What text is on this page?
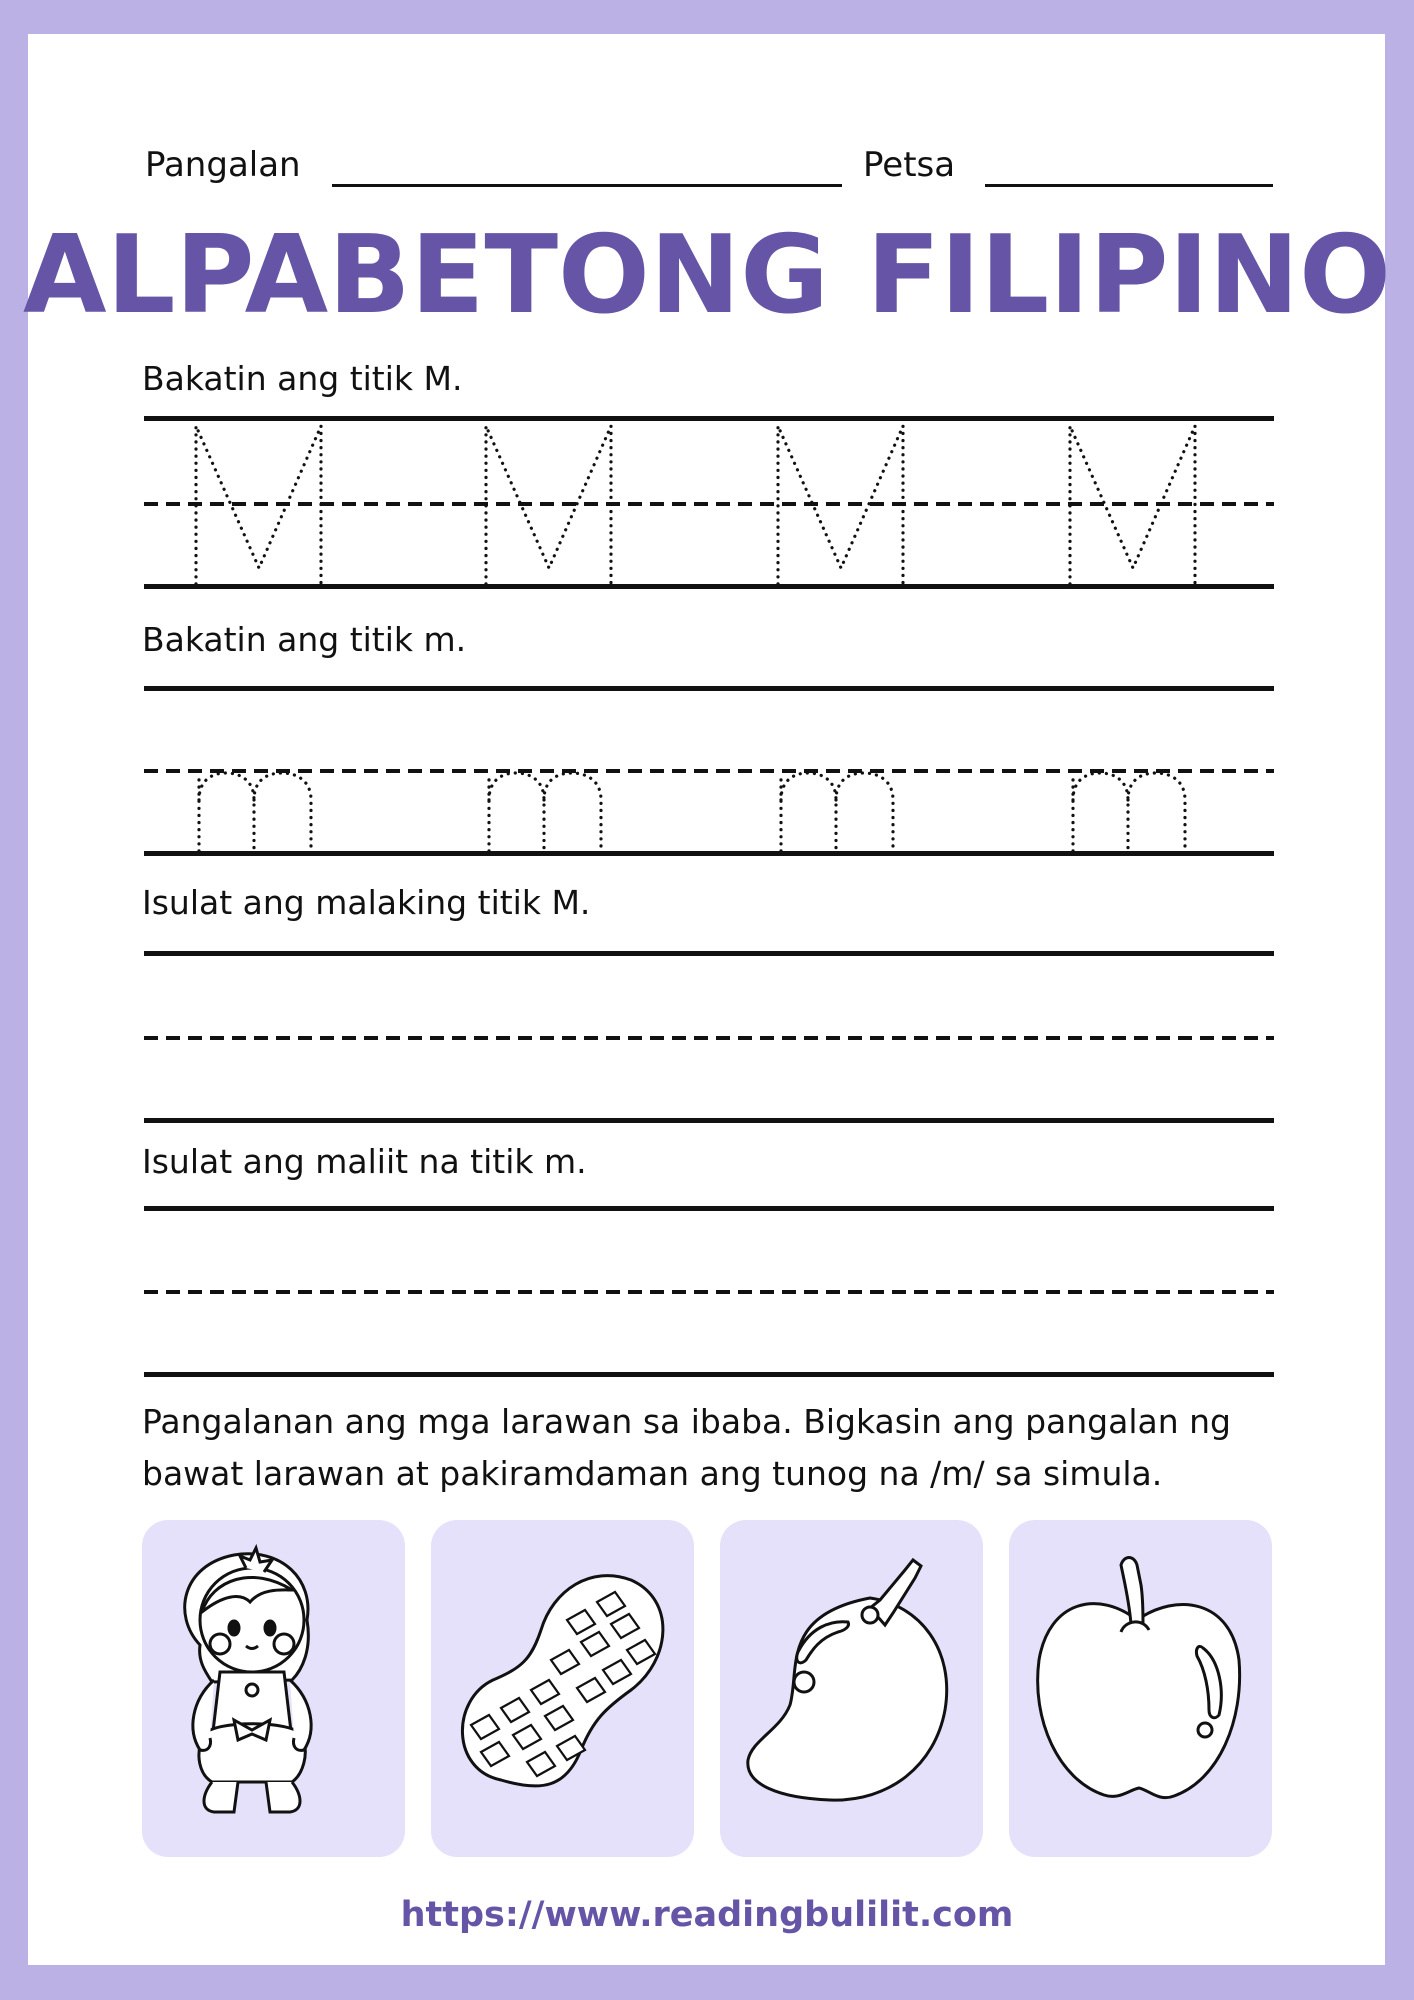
Pangalan	Petsa
ALPABETONG FILIPINO
Bakatin ang titik M.
Bakatin ang titik m.
Isulat ang malaking titik M.
Isulat ang maliit na titik m.
Pangalanan ang mga larawan sa ibaba. Bigkasin ang pangalan ng bawat larawan at pakiramdaman ang tunog na /m/ sa simula.
https://www.readingbulilit.com
